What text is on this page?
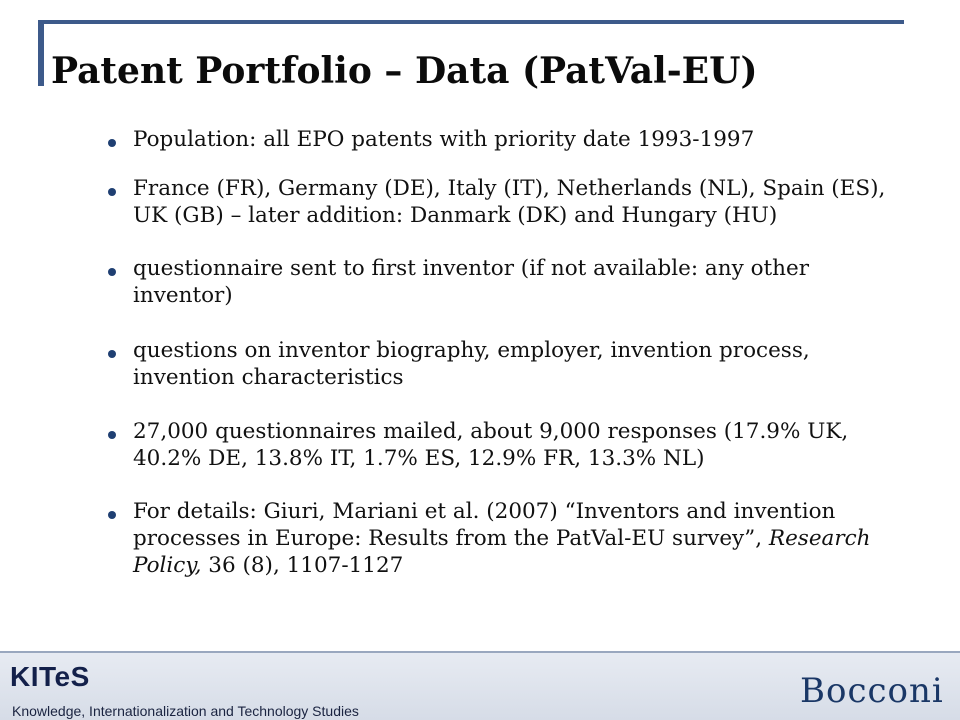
Patent Portfolio – Data (PatVal-EU)
Population: all EPO patents with priority date 1993-1997
France (FR), Germany (DE), Italy (IT), Netherlands (NL), Spain (ES), UK (GB) – later addition: Danmark (DK) and Hungary (HU)
questionnaire sent to first inventor (if not available: any other inventor)
questions on inventor biography, employer, invention process, invention characteristics
27,000 questionnaires mailed, about 9,000 responses (17.9% UK, 40.2% DE, 13.8% IT, 1.7% ES, 12.9% FR, 13.3% NL)
For details: Giuri, Mariani et al. (2007) “Inventors and invention processes in Europe: Results from the PatVal-EU survey”, Research Policy, 36 (8), 1107-1127
KITeS
Knowledge, Internationalization and Technology Studies	Bocconi
